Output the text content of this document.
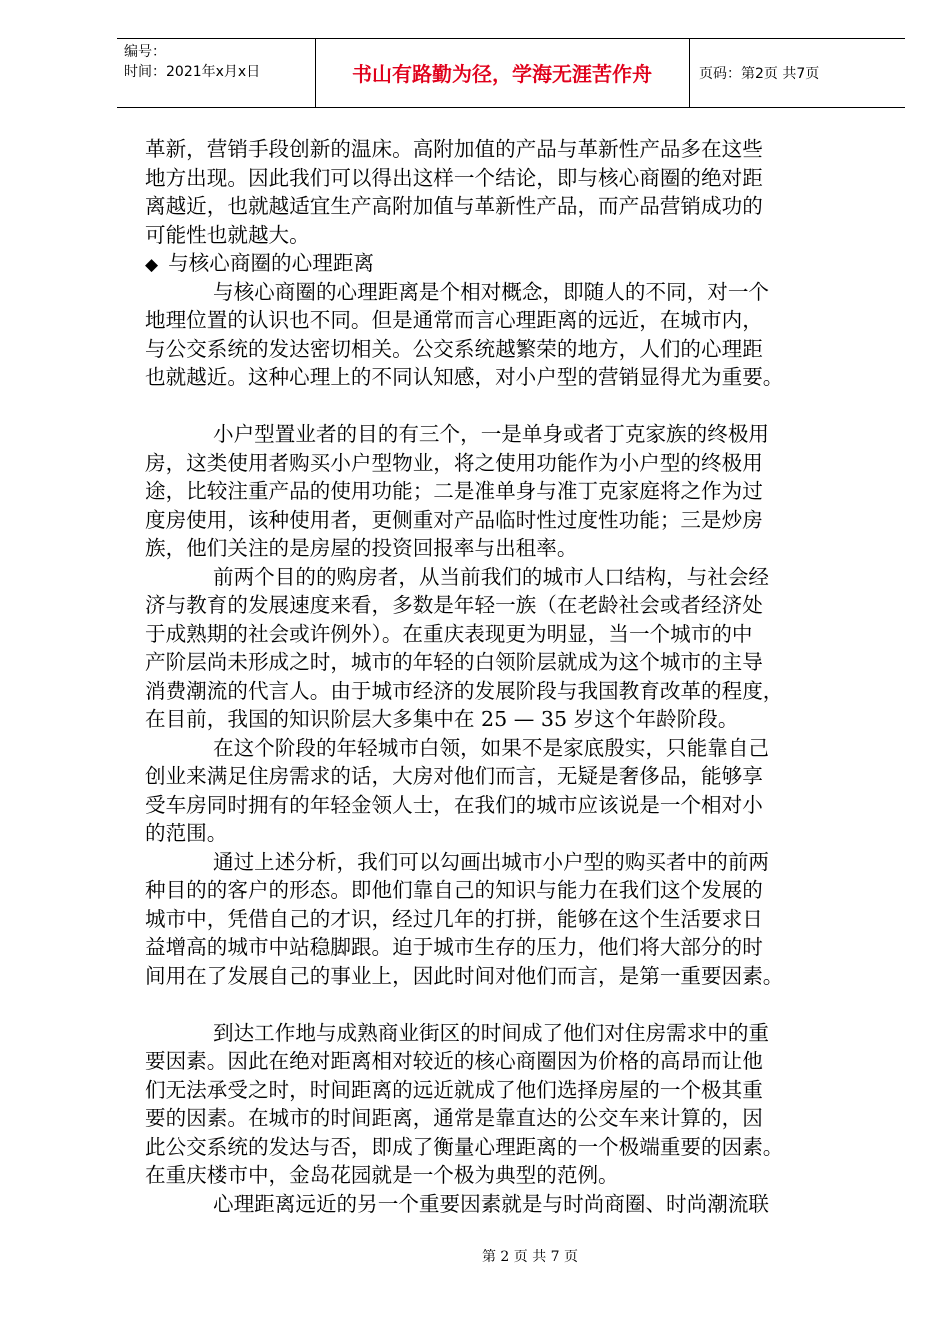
编号：
时间：2021年x月x日	书山有路勤为径，学海无涯苦作舟	页码：第2页 共7页
革新，营销手段创新的温床。高附加值的产品与革新性产品多在这些
地方出现。因此我们可以得出这样一个结论，即与核心商圈的绝对距
离越近，也就越适宜生产高附加值与革新性产品，而产品营销成功的
可能性也就越大。
◆ 与核心商圈的心理距离
与核心商圈的心理距离是个相对概念，即随人的不同，对一个
地理位置的认识也不同。但是通常而言心理距离的远近，在城市内，
与公交系统的发达密切相关。公交系统越繁荣的地方，人们的心理距
也就越近。这种心理上的不同认知感，对小户型的营销显得尤为重要。
小户型置业者的目的有三个，一是单身或者丁克家族的终极用
房，这类使用者购买小户型物业，将之使用功能作为小户型的终极用
途，比较注重产品的使用功能；二是准单身与准丁克家庭将之作为过
度房使用，该种使用者，更侧重对产品临时性过度性功能；三是炒房
族，他们关注的是房屋的投资回报率与出租率。
前两个目的的购房者，从当前我们的城市人口结构，与社会经
济与教育的发展速度来看，多数是年轻一族（在老龄社会或者经济处
于成熟期的社会或许例外）。在重庆表现更为明显，当一个城市的中
产阶层尚未形成之时，城市的年轻的白领阶层就成为这个城市的主导
消费潮流的代言人。由于城市经济的发展阶段与我国教育改革的程度，
在目前，我国的知识阶层大多集中在 25 — 35 岁这个年龄阶段。
在这个阶段的年轻城市白领，如果不是家底殷实，只能靠自己
创业来满足住房需求的话，大房对他们而言，无疑是奢侈品，能够享
受车房同时拥有的年轻金领人士，在我们的城市应该说是一个相对小
的范围。
通过上述分析，我们可以勾画出城市小户型的购买者中的前两
种目的的客户的形态。即他们靠自己的知识与能力在我们这个发展的
城市中，凭借自己的才识，经过几年的打拼，能够在这个生活要求日
益增高的城市中站稳脚跟。迫于城市生存的压力，他们将大部分的时
间用在了发展自己的事业上，因此时间对他们而言，是第一重要因素。
到达工作地与成熟商业街区的时间成了他们对住房需求中的重
要因素。因此在绝对距离相对较近的核心商圈因为价格的高昂而让他
们无法承受之时，时间距离的远近就成了他们选择房屋的一个极其重
要的因素。在城市的时间距离，通常是靠直达的公交车来计算的，因
此公交系统的发达与否，即成了衡量心理距离的一个极端重要的因素。
在重庆楼市中，金岛花园就是一个极为典型的范例。
心理距离远近的另一个重要因素就是与时尚商圈、时尚潮流联
第 2 页 共 7 页
